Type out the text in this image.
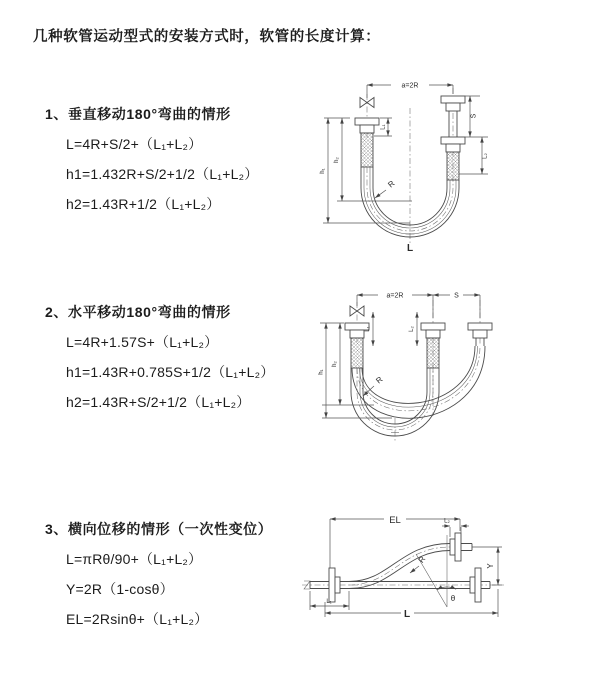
几种软管运动型式的安装方式时，软管的长度计算：
1、垂直移动180°弯曲的情形
L=4R+S/2+（L₁+L₂）
h1=1.432R+S/2+1/2（L₁+L₂）
h2=1.43R+1/2（L₁+L₂）
2、水平移动180°弯曲的情形
L=4R+1.57S+（L₁+L₂）
h1=1.43R+0.785S+1/2（L₁+L₂）
h2=1.43R+S/2+1/2（L₁+L₂）
3、横向位移的情形（一次性变位）
L=πRθ/90+（L₁+L₂）
Y=2R（1-cosθ）
EL=2Rsinθ+（L₁+L₂）
a=2R
h₁
h₂
L₁
S
L₂
R
L
a=2R	S
h₁
h₂
L₁	L₂
R
EL	L₂
Y
θ
R
L₁
L
